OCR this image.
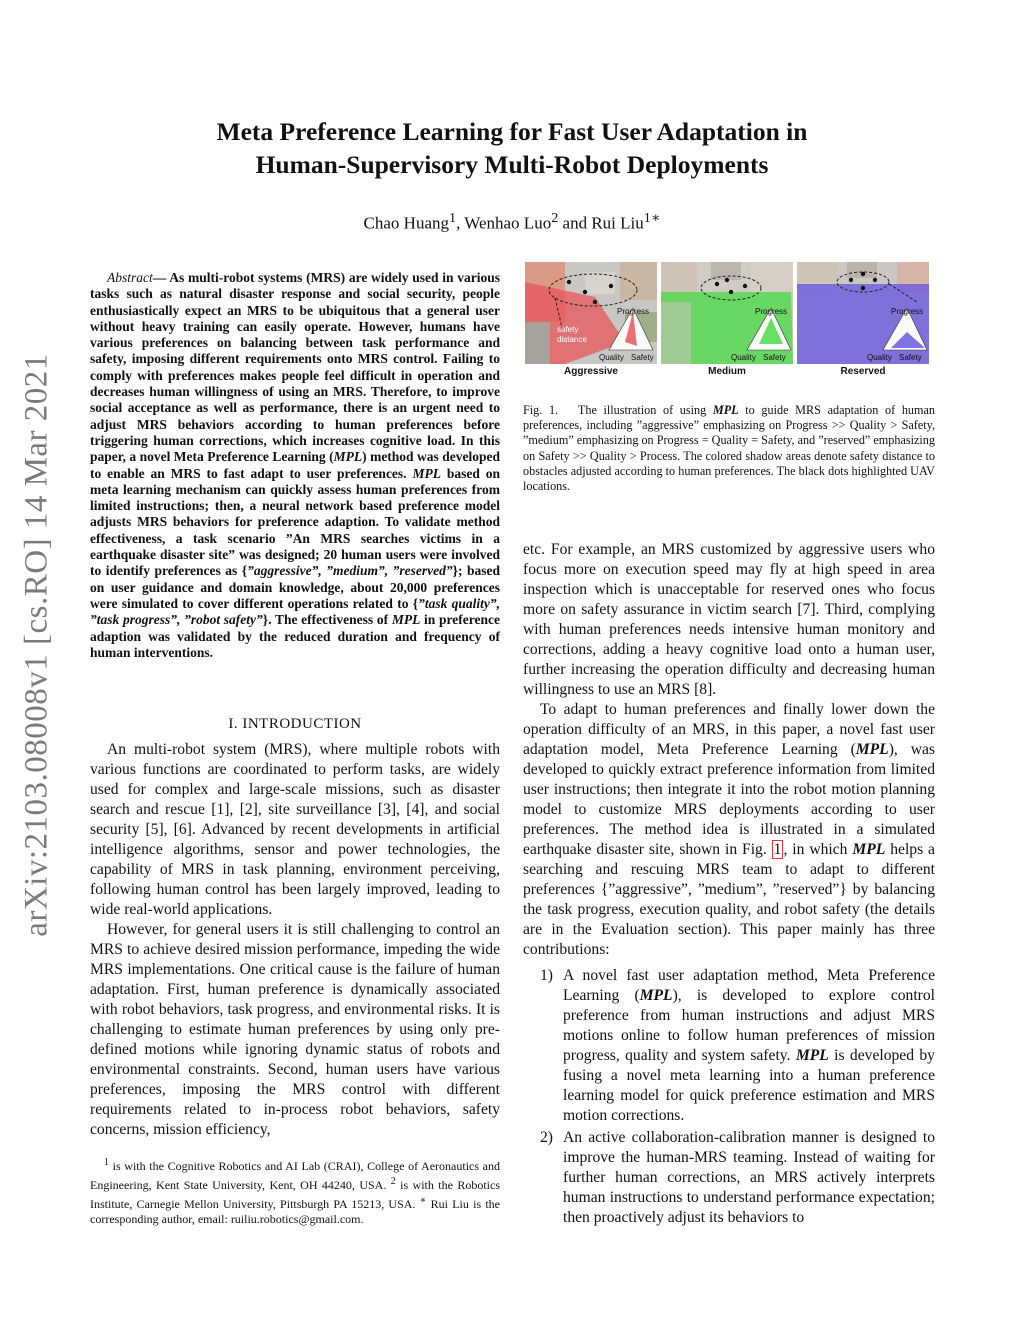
arXiv:2103.08008v1 [cs.RO] 14 Mar 2021
Meta Preference Learning for Fast User Adaptation in
Human-Supervisory Multi-Robot Deployments
Chao Huang$^1$, Wenhao Luo$^2$ and Rui Liu$^{1∗}$
Abstract— As multi-robot systems (MRS) are widely used in various tasks such as natural disaster response and social security, people enthusiastically expect an MRS to be ubiquitous that a general user without heavy training can easily operate. However, humans have various preferences on balancing between task performance and safety, imposing different requirements onto MRS control. Failing to comply with preferences makes people feel difficult in operation and decreases human willingness of using an MRS. Therefore, to improve social acceptance as well as performance, there is an urgent need to adjust MRS behaviors according to human preferences before triggering human corrections, which increases cognitive load. In this paper, a novel Meta Preference Learning (MPL) method was developed to enable an MRS to fast adapt to user preferences. MPL based on meta learning mechanism can quickly assess human preferences from limited instructions; then, a neural network based preference model adjusts MRS behaviors for preference adaption. To validate method effectiveness, a task scenario ”An MRS searches victims in a earthquake disaster site” was designed; 20 human users were involved to identify preferences as {”aggressive”, ”medium”, ”reserved”}; based on user guidance and domain knowledge, about 20,000 preferences were simulated to cover different operations related to {”task quality”, ”task progress”, ”robot safety”}. The effectiveness of MPL in preference adaption was validated by the reduced duration and frequency of human interventions.
I. INTRODUCTION

An multi-robot system (MRS), where multiple robots with various functions are coordinated to perform tasks, are widely used for complex and large-scale missions, such as disaster search and rescue [1], [2], site surveillance [3], [4], and social security [5], [6]. Advanced by recent developments in artificial intelligence algorithms, sensor and power technologies, the capability of MRS in task planning, environment perceiving, following human control has been largely improved, leading to wide real-world applications.

However, for general users it is still challenging to control an MRS to achieve desired mission performance, impeding the wide MRS implementations. One critical cause is the failure of human adaptation. First, human preference is dynamically associated with robot behaviors, task progress, and environmental risks. It is challenging to estimate human preferences by using only pre-defined motions while ignoring dynamic status of robots and environmental constraints. Second, human users have various preferences, imposing the MRS control with different requirements related to in-process robot behaviors, safety concerns, mission efficiency,

$^1$ is with the Cognitive Robotics and AI Lab (CRAI), College of Aeronautics and Engineering, Kent State University, Kent, OH 44240, USA. $^2$ is with the Robotics Institute, Carnegie Mellon University, Pittsburgh PA 15213, USA. ∗ Rui Liu is the corresponding author, email: ruiliu.robotics@gmail.com.

safety
distance
Progress
Quality Safety
Aggressive
Progress
Quality Safety
Medium
Progress
Quality Safety
Reserved
Fig. 1.   The illustration of using MPL to guide MRS adaptation of human preferences, including ”aggressive” emphasizing on Progress >> Quality > Safety, ”medium” emphasizing on Progress = Quality = Safety, and ”reserved” emphasizing on Safety >> Quality > Process. The colored shadow areas denote safety distance to obstacles adjusted according to human preferences. The black dots highlighted UAV locations.

etc. For example, an MRS customized by aggressive users who focus more on execution speed may fly at high speed in area inspection which is unacceptable for reserved ones who focus more on safety assurance in victim search [7]. Third, complying with human preferences needs intensive human monitory and corrections, adding a heavy cognitive load onto a human user, further increasing the operation difficulty and decreasing human willingness to use an MRS [8].

To adapt to human preferences and finally lower down the operation difficulty of an MRS, in this paper, a novel fast user adaptation model, Meta Preference Learning (MPL), was developed to quickly extract preference information from limited user instructions; then integrate it into the robot motion planning model to customize MRS deployments according to user preferences. The method idea is illustrated in a simulated earthquake disaster site, shown in Fig. 1 , in which MPL helps a searching and rescuing MRS team to adapt to different preferences {”aggressive”, ”medium”, ”reserved”} by balancing the task progress, execution quality, and robot safety (the details are in the Evaluation section). This paper mainly has three contributions:

1) A novel fast user adaptation method, Meta Preference Learning (MPL), is developed to explore control preference from human instructions and adjust MRS motions online to follow human preferences of mission progress, quality and system safety. MPL is developed by fusing a novel meta learning into a human preference learning model for quick preference estimation and MRS motion corrections.
2) An active collaboration-calibration manner is designed to improve the human-MRS teaming. Instead of waiting for further human corrections, an MRS actively interprets human instructions to understand performance expectation; then proactively adjust its behaviors to
